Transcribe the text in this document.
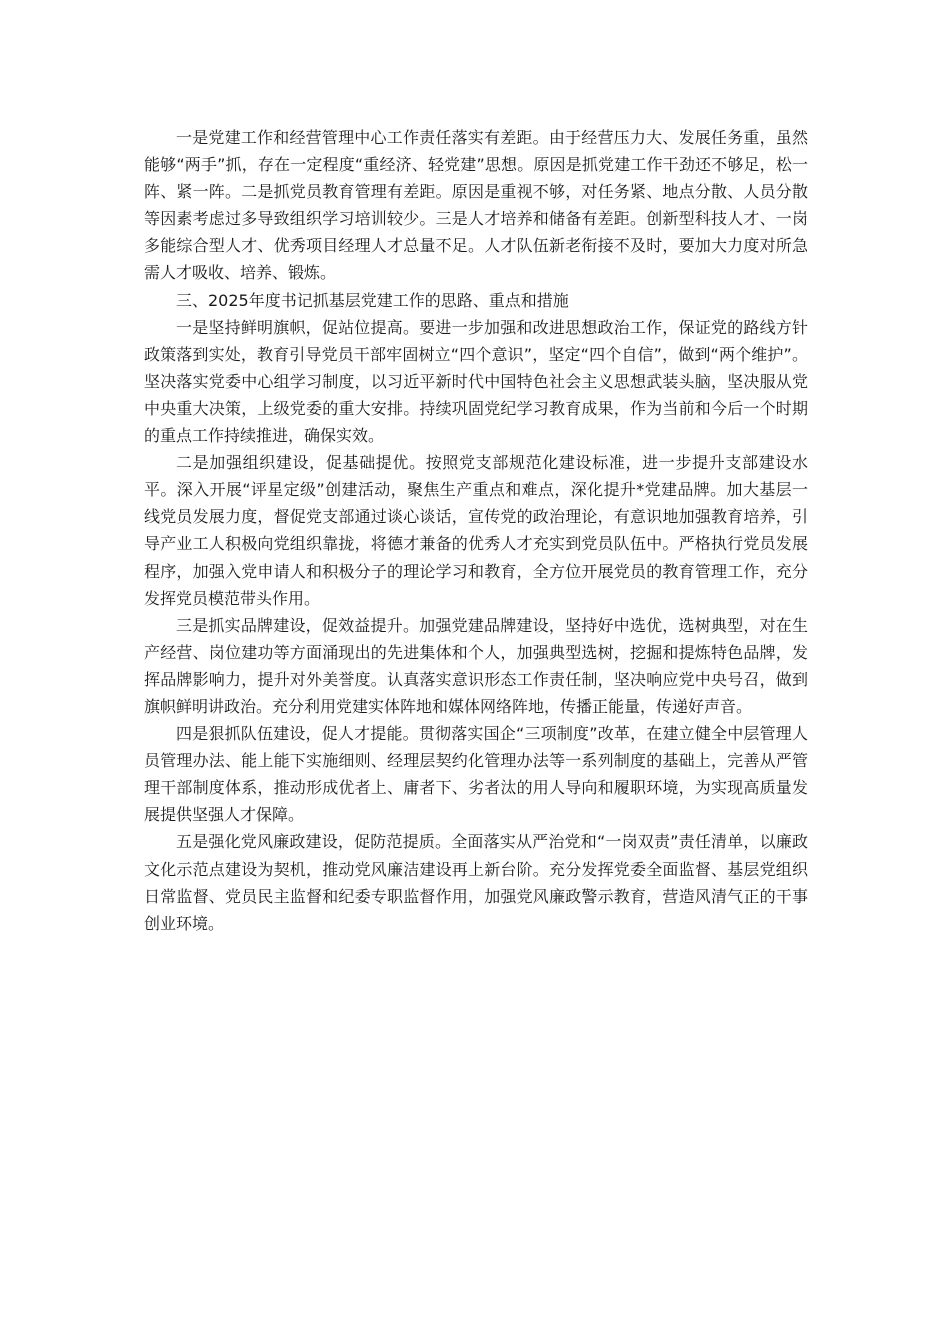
一是党建工作和经营管理中心工作责任落实有差距。由于经营压力大、发展任务重，虽然能够“两手”抓，存在一定程度“重经济、轻党建”思想。原因是抓党建工作干劲还不够足，松一阵、紧一阵。二是抓党员教育管理有差距。原因是重视不够，对任务紧、地点分散、人员分散等因素考虑过多导致组织学习培训较少。三是人才培养和储备有差距。创新型科技人才、一岗多能综合型人才、优秀项目经理人才总量不足。人才队伍新老衔接不及时，要加大力度对所急需人才吸收、培养、锻炼。

三、2025年度书记抓基层党建工作的思路、重点和措施

一是坚持鲜明旗帜，促站位提高。要进一步加强和改进思想政治工作，保证党的路线方针政策落到实处，教育引导党员干部牢固树立“四个意识”，坚定“四个自信”，做到“两个维护”。坚决落实党委中心组学习制度，以习近平新时代中国特色社会主义思想武装头脑，坚决服从党中央重大决策，上级党委的重大安排。持续巩固党纪学习教育成果，作为当前和今后一个时期的重点工作持续推进，确保实效。

二是加强组织建设，促基础提优。按照党支部规范化建设标准，进一步提升支部建设水平。深入开展“评星定级”创建活动，聚焦生产重点和难点，深化提升*党建品牌。加大基层一线党员发展力度，督促党支部通过谈心谈话，宣传党的政治理论，有意识地加强教育培养，引导产业工人积极向党组织靠拢，将德才兼备的优秀人才充实到党员队伍中。严格执行党员发展程序，加强入党申请人和积极分子的理论学习和教育，全方位开展党员的教育管理工作，充分发挥党员模范带头作用。

三是抓实品牌建设，促效益提升。加强党建品牌建设，坚持好中选优，选树典型，对在生产经营、岗位建功等方面涌现出的先进集体和个人，加强典型选树，挖掘和提炼特色品牌，发挥品牌影响力，提升对外美誉度。认真落实意识形态工作责任制，坚决响应党中央号召，做到旗帜鲜明讲政治。充分利用党建实体阵地和媒体网络阵地，传播正能量，传递好声音。

四是狠抓队伍建设，促人才提能。贯彻落实国企“三项制度”改革，在建立健全中层管理人员管理办法、能上能下实施细则、经理层契约化管理办法等一系列制度的基础上，完善从严管理干部制度体系，推动形成优者上、庸者下、劣者汰的用人导向和履职环境，为实现高质量发展提供坚强人才保障。

五是强化党风廉政建设，促防范提质。全面落实从严治党和“一岗双责”责任清单，以廉政文化示范点建设为契机，推动党风廉洁建设再上新台阶。充分发挥党委全面监督、基层党组织日常监督、党员民主监督和纪委专职监督作用，加强党风廉政警示教育，营造风清气正的干事创业环境。
